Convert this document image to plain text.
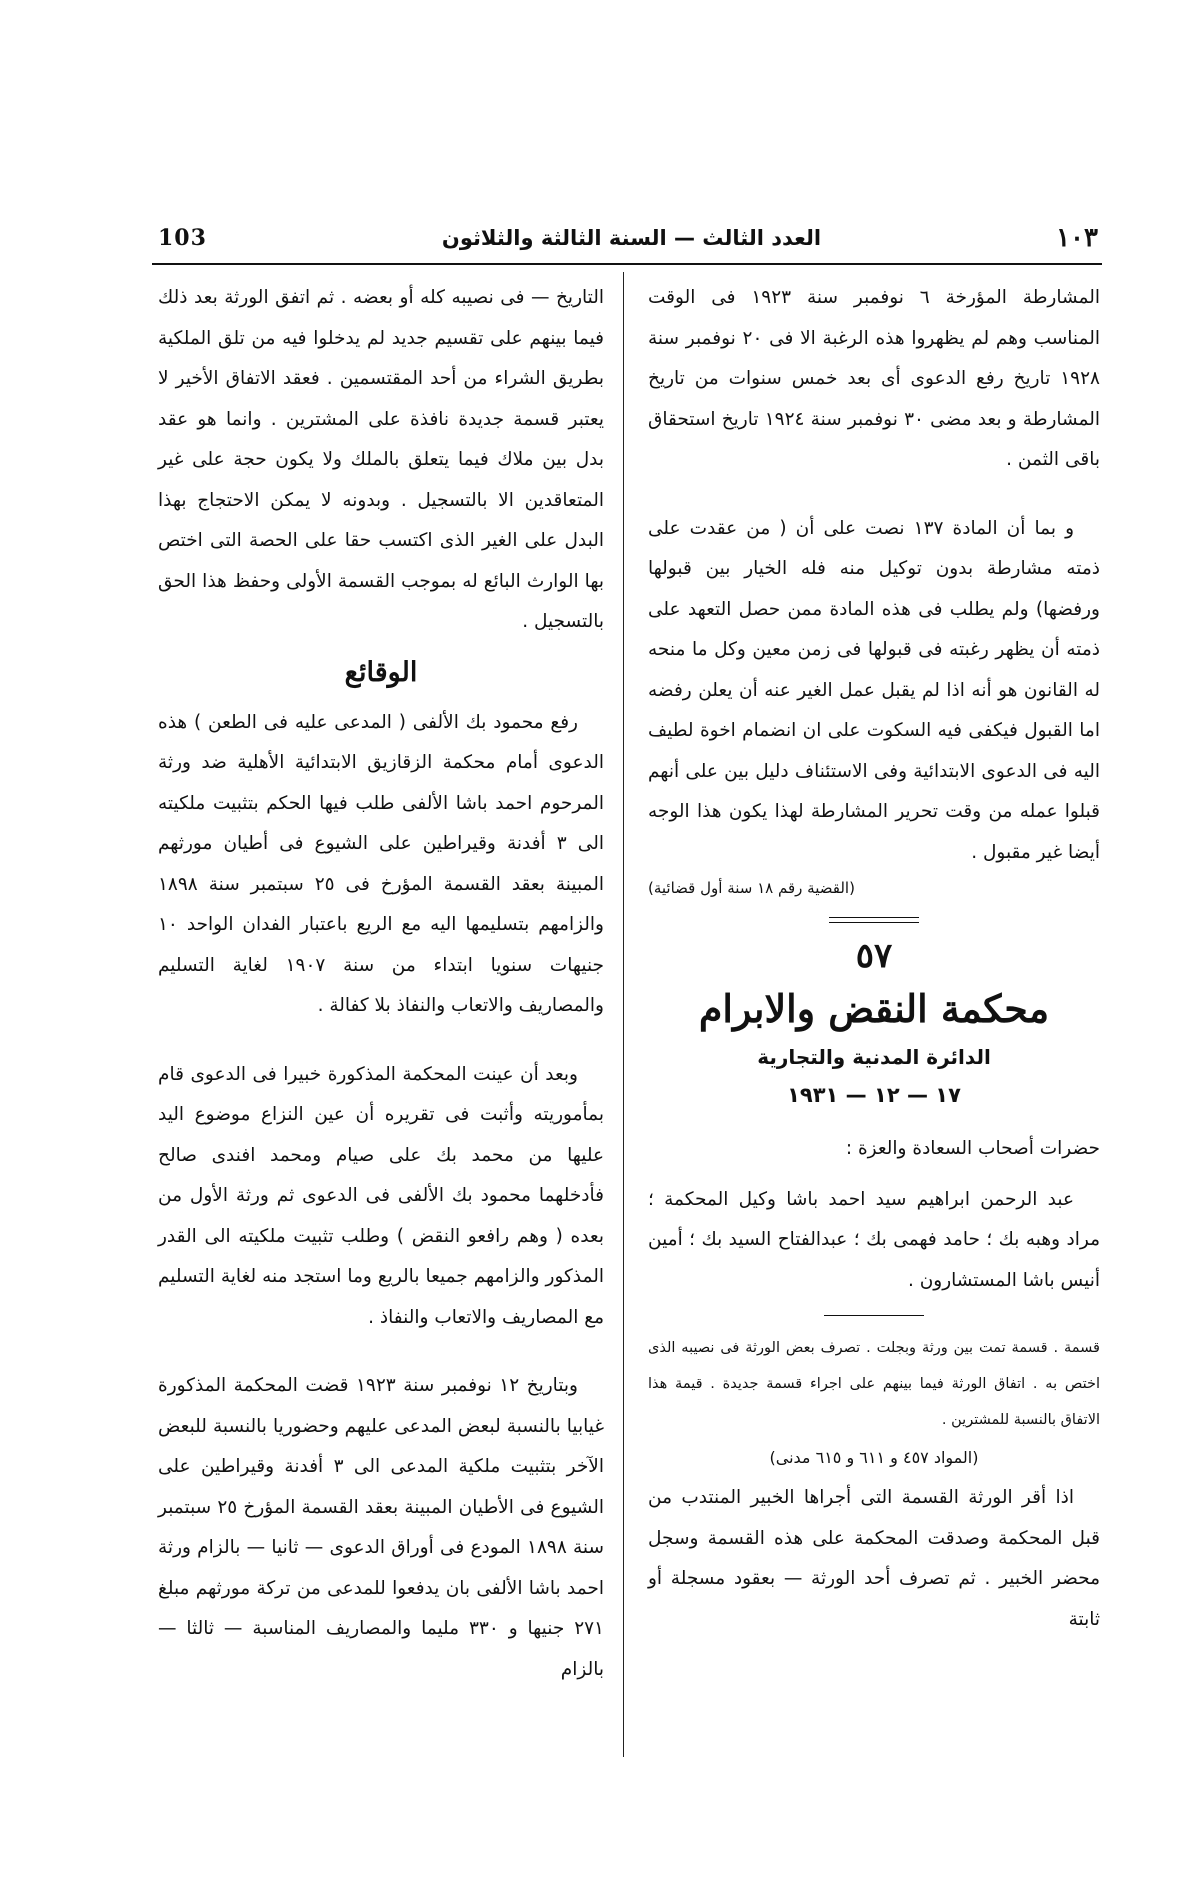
103	العدد الثالث — السنة الثالثة والثلاثون	١٠٣

المشارطة المؤرخة ٦ نوفمبر سنة ١٩٢٣ فى الوقت المناسب وهم لم يظهروا هذه الرغبة الا فى ٢٠ نوفمبر سنة ١٩٢٨ تاريخ رفع الدعوى أى بعد خمس سنوات من تاريخ المشارطة و بعد مضى ٣٠ نوفمبر سنة ١٩٢٤ تاريخ استحقاق باقى الثمن .

و بما أن المادة ١٣٧ نصت على أن ( من عقدت على ذمته مشارطة بدون توكيل منه فله الخيار بين قبولها ورفضها) ولم يطلب فى هذه المادة ممن حصل التعهد على ذمته أن يظهر رغبته فى قبولها فى زمن معين وكل ما منحه له القانون هو أنه اذا لم يقبل عمل الغير عنه أن يعلن رفضه اما القبول فيكفى فيه السكوت على ان انضمام اخوة لطيف اليه فى الدعوى الابتدائية وفى الاستئناف دليل بين على أنهم قبلوا عمله من وقت تحرير المشارطة لهذا يكون هذا الوجه أيضا غير مقبول .

(القضية رقم ١٨ سنة أول قضائية)

٥٧

محكمة النقض والابرام

الدائرة المدنية والتجارية

١٧ — ١٢ — ١٩٣١

حضرات أصحاب السعادة والعزة :

عبد الرحمن ابراهيم سيد احمد باشا وكيل المحكمة ؛ مراد وهبه بك ؛ حامد فهمى بك ؛ عبدالفتاح السيد بك ؛ أمين أنيس باشا المستشارون .

قسمة . قسمة تمت بين ورثة وبجلت . تصرف بعض الورثة فى نصيبه الذى اختص به . اتفاق الورثة فيما بينهم على اجراء قسمة جديدة . قيمة هذا الاتفاق بالنسبة للمشترين .

(المواد ٤٥٧ و ٦١١ و ٦١٥ مدنى)

اذا أقر الورثة القسمة التى أجراها الخبير المنتدب من قبل المحكمة وصدقت المحكمة على هذه القسمة وسجل محضر الخبير . ثم تصرف أحد الورثة — بعقود مسجلة أو ثابتة

التاريخ — فى نصيبه كله أو بعضه . ثم اتفق الورثة بعد ذلك فيما بينهم على تقسيم جديد لم يدخلوا فيه من تلق الملكية بطريق الشراء من أحد المقتسمين . فعقد الاتفاق الأخير لا يعتبر قسمة جديدة نافذة على المشترين . وانما هو عقد بدل بين ملاك فيما يتعلق بالملك ولا يكون حجة على غير المتعاقدين الا بالتسجيل . وبدونه لا يمكن الاحتجاج بهذا البدل على الغير الذى اكتسب حقا على الحصة التى اختص بها الوارث البائع له بموجب القسمة الأولى وحفظ هذا الحق بالتسجيل .

الوقائع

رفع محمود بك الألفى ( المدعى عليه فى الطعن ) هذه الدعوى أمام محكمة الزقازيق الابتدائية الأهلية ضد ورثة المرحوم احمد باشا الألفى طلب فيها الحكم بتثبيت ملكيته الى ٣ أفدنة وقيراطين على الشيوع فى أطيان مورثهم المبينة بعقد القسمة المؤرخ فى ٢٥ سبتمبر سنة ١٨٩٨ والزامهم بتسليمها اليه مع الريع باعتبار الفدان الواحد ١٠ جنيهات سنويا ابتداء من سنة ١٩٠٧ لغاية التسليم والمصاريف والاتعاب والنفاذ بلا كفالة .

وبعد أن عينت المحكمة المذكورة خبيرا فى الدعوى قام بمأموريته وأثبت فى تقريره أن عين النزاع موضوع اليد عليها من محمد بك على صيام ومحمد افندى صالح فأدخلهما محمود بك الألفى فى الدعوى ثم ورثة الأول من بعده ( وهم رافعو النقض ) وطلب تثبيت ملكيته الى القدر المذكور والزامهم جميعا بالريع وما استجد منه لغاية التسليم مع المصاريف والاتعاب والنفاذ .

وبتاريخ ١٢ نوفمبر سنة ١٩٢٣ قضت المحكمة المذكورة غيابيا بالنسبة لبعض المدعى عليهم وحضوريا بالنسبة للبعض الآخر بتثبيت ملكية المدعى الى ٣ أفدنة وقيراطين على الشيوع فى الأطيان المبينة بعقد القسمة المؤرخ ٢٥ سبتمبر سنة ١٨٩٨ المودع فى أوراق الدعوى — ثانيا — بالزام ورثة احمد باشا الألفى بان يدفعوا للمدعى من تركة مورثهم مبلغ ٢٧١ جنيها و ٣٣٠ مليما والمصاريف المناسبة — ثالثا — بالزام
